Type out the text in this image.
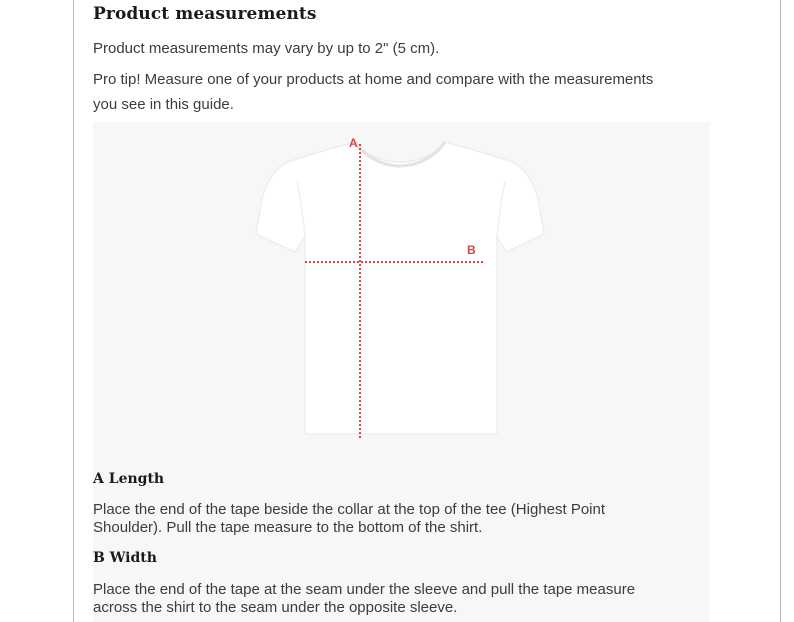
Product measurements

Product measurements may vary by up to 2" (5 cm).

Pro tip! Measure one of your products at home and compare with the measurements

you see in this guide.

A
B
A Length

Place the end of the tape beside the collar at the top of the tee (Highest Point

Shoulder). Pull the tape measure to the bottom of the shirt.

B Width

Place the end of the tape at the seam under the sleeve and pull the tape measure

across the shirt to the seam under the opposite sleeve.
